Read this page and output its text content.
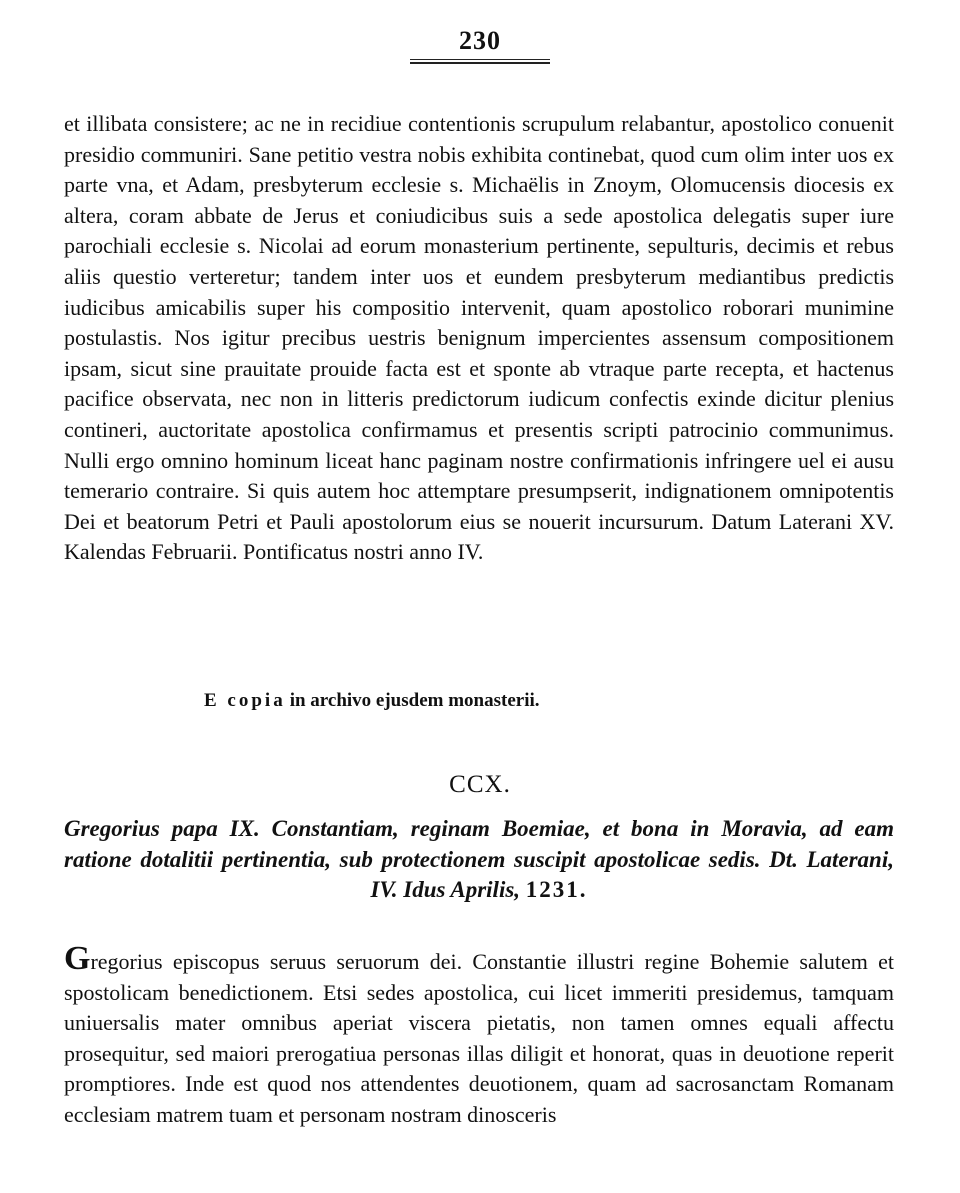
230

et illibata consistere; ac ne in recidiue contentionis scrupulum relabantur, apostolico conuenit presidio communiri. Sane petitio vestra nobis exhibita continebat, quod cum olim inter uos ex parte vna, et Adam, presbyterum ecclesie s. Michaëlis in Znoym, Olomucensis diocesis ex altera, coram abbate de Jerus et coniudicibus suis a sede apostolica delegatis super iure parochiali ecclesie s. Nicolai ad eorum monasterium pertinente, sepulturis, decimis et rebus aliis questio verteretur; tandem inter uos et eundem presbyterum mediantibus predictis iudicibus amicabilis super his compositio intervenit, quam apostolico roborari munimine postulastis. Nos igitur precibus uestris benignum impercientes assensum compositionem ipsam, sicut sine prauitate prouide facta est et sponte ab vtraque parte recepta, et hactenus pacifice observata, nec non in litteris predictorum iudicum confectis exinde dicitur plenius contineri, auctoritate apostolica confirmamus et presentis scripti patrocinio communimus. Nulli ergo omnino hominum liceat hanc paginam nostre confirmationis infringere uel ei ausu temerario contraire. Si quis autem hoc attemptare presumpserit, indignationem omnipotentis Dei et beatorum Petri et Pauli apostolorum eius se nouerit incursurum. Datum Laterani XV. Kalendas Februarii. Pontificatus nostri anno IV.

E copia in archivo ejusdem monasterii.
CCX.
Gregorius papa IX. Constantiam, reginam Boemiae, et bona in Moravia, ad eam ratione dotalitii pertinentia, sub protectionem suscipit apostolicae sedis. Dt. Laterani, IV. Idus Aprilis, 1231.

Gregorius episcopus seruus seruorum dei. Constantie illustri regine Bohemie salutem et spostolicam benedictionem. Etsi sedes apostolica, cui licet immeriti presidemus, tamquam uniuersalis mater omnibus aperiat viscera pietatis, non tamen omnes equali affectu prosequitur, sed maiori prerogatiua personas illas diligit et honorat, quas in deuotione reperit promptiores. Inde est quod nos attendentes deuotionem, quam ad sacrosanctam Romanam ecclesiam matrem tuam et personam nostram dinosceris
